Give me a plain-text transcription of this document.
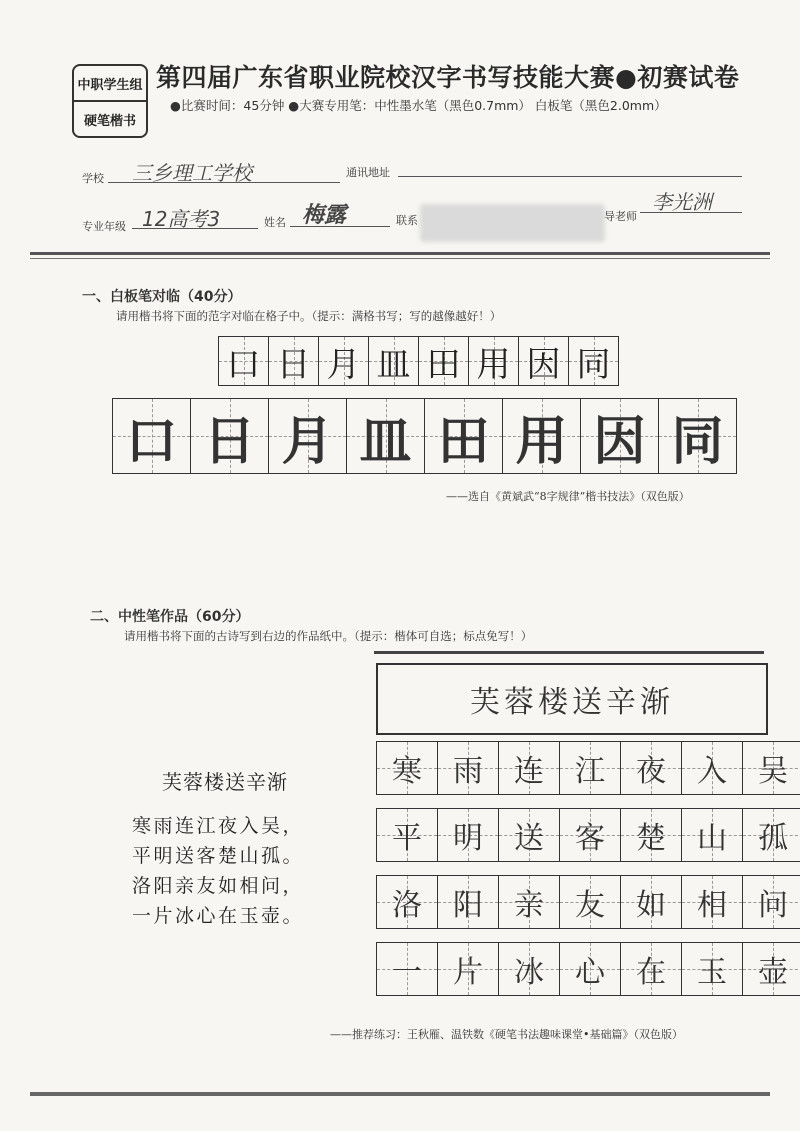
中职学生组
硬笔楷书
第四届广东省职业院校汉字书写技能大赛●初赛试卷
●比赛时间：45分钟 ●大赛专用笔：中性墨水笔（黑色0.7mm） 白板笔（黑色2.0mm）
学校 三乡理工学校	通讯地址
专业年级 12高考3	姓名 梅露	联系	导老师
李光洲
一、白板笔对临（40分）
请用楷书将下面的范字对临在格子中。（提示：满格书写；写的越像越好！）
口 日 月 皿 田 用 因 同
口 日 月 皿 田 用 因 同
——选自《黄斌武“8字规律”楷书技法》（双色版）
二、中性笔作品（60分）
请用楷书将下面的古诗写到右边的作品纸中。（提示：楷体可自选；标点免写！）
芙蓉楼送辛渐
寒雨连江夜入吴，
平明送客楚山孤。
洛阳亲友如相问，
一片冰心在玉壶。
芙蓉楼送辛渐
寒 雨 连 江 夜 入 吴
平 明 送 客 楚 山 孤
洛 阳 亲 友 如 相 问
一 片 冰 心 在 玉 壶
——推荐练习：王秋雁、温铁数《硬笔书法趣味课堂•基础篇》（双色版）
